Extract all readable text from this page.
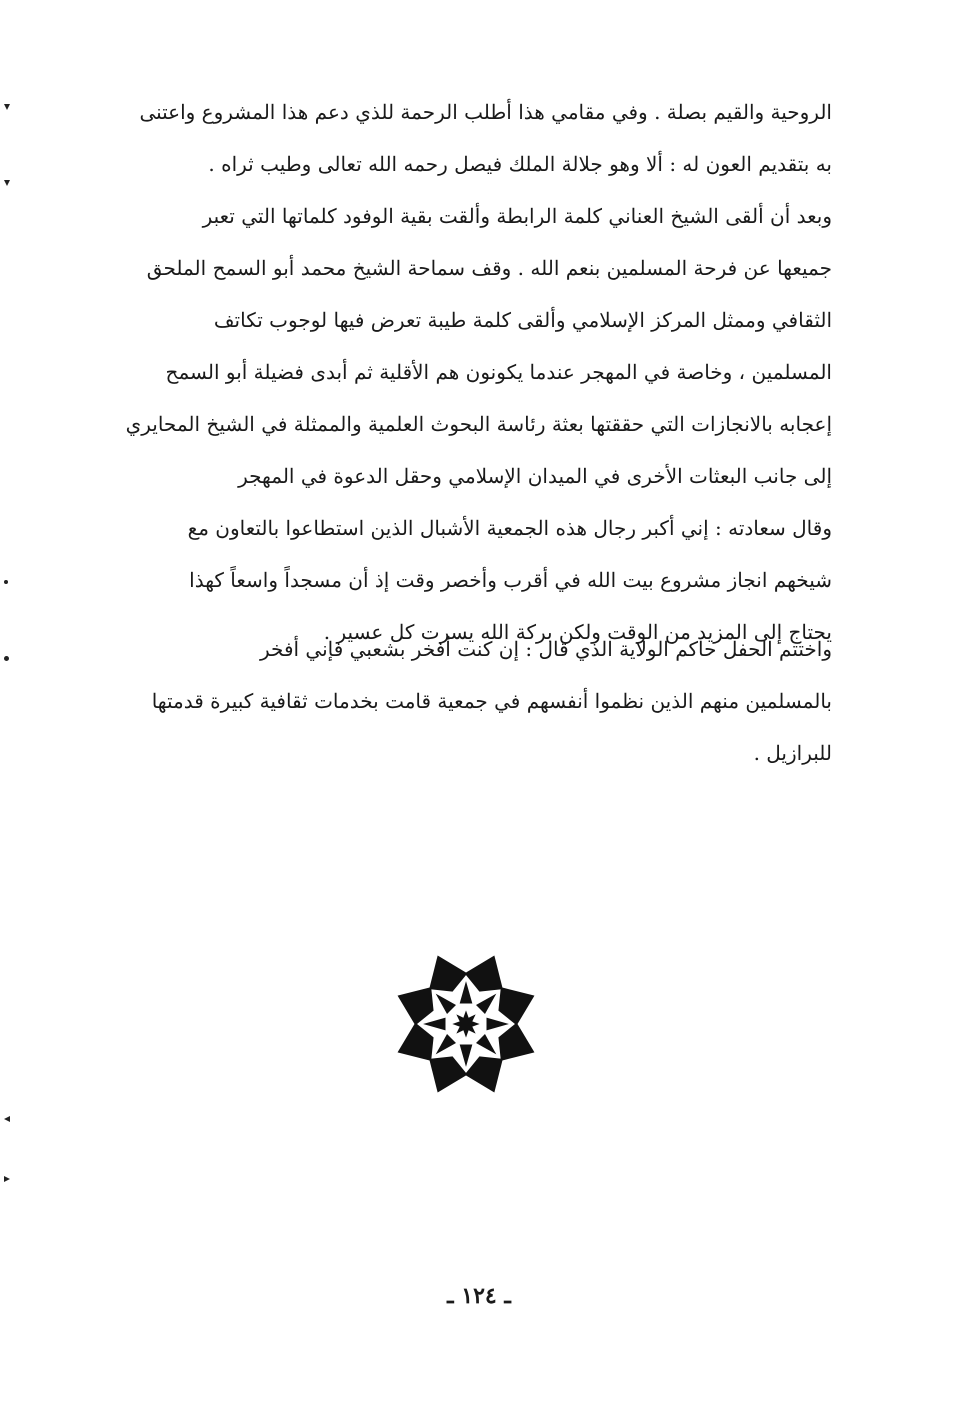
الروحية والقيم بصلة . وفي مقامي هذا أطلب الرحمة للذي دعم هذا المشروع واعتنى
به بتقديم العون له : ألا وهو جلالة الملك فيصل رحمه الله تعالى وطيب ثراه .

وبعد أن ألقى الشيخ العناني كلمة الرابطة وألقت بقية الوفود كلماتها التي تعبر
جميعها عن فرحة المسلمين بنعم الله . وقف سماحة الشيخ محمد أبو السمح الملحق
الثقافي وممثل المركز الإسلامي وألقى كلمة طيبة تعرض فيها لوجوب تكاتف
المسلمين ، وخاصة في المهجر عندما يكونون هم الأقلية ثم أبدى فضيلة أبو السمح
إعجابه بالانجازات التي حققتها بعثة رئاسة البحوث العلمية والممثلة في الشيخ المحايري
إلى جانب البعثات الأخرى في الميدان الإسلامي وحقل الدعوة في المهجر
وقال سعادته : إني أكبر رجال هذه الجمعية الأشبال الذين استطاعوا بالتعاون مع
شيخهم انجاز مشروع بيت الله في أقرب وأخصر وقت إذ أن مسجداً واسعاً كهذا
يحتاج إلى المزيد من الوقت ولكن بركة الله يسرت كل عسير .

واختتم الحفل حاكم الولاية الذي قال : إن كنت أفخر بشعبي فإني أفخر
بالمسلمين منهم الذين نظموا أنفسهم في جمعية قامت بخدمات ثقافية كبيرة قدمتها
للبرازيل .

ـ ١٢٤ ـ
